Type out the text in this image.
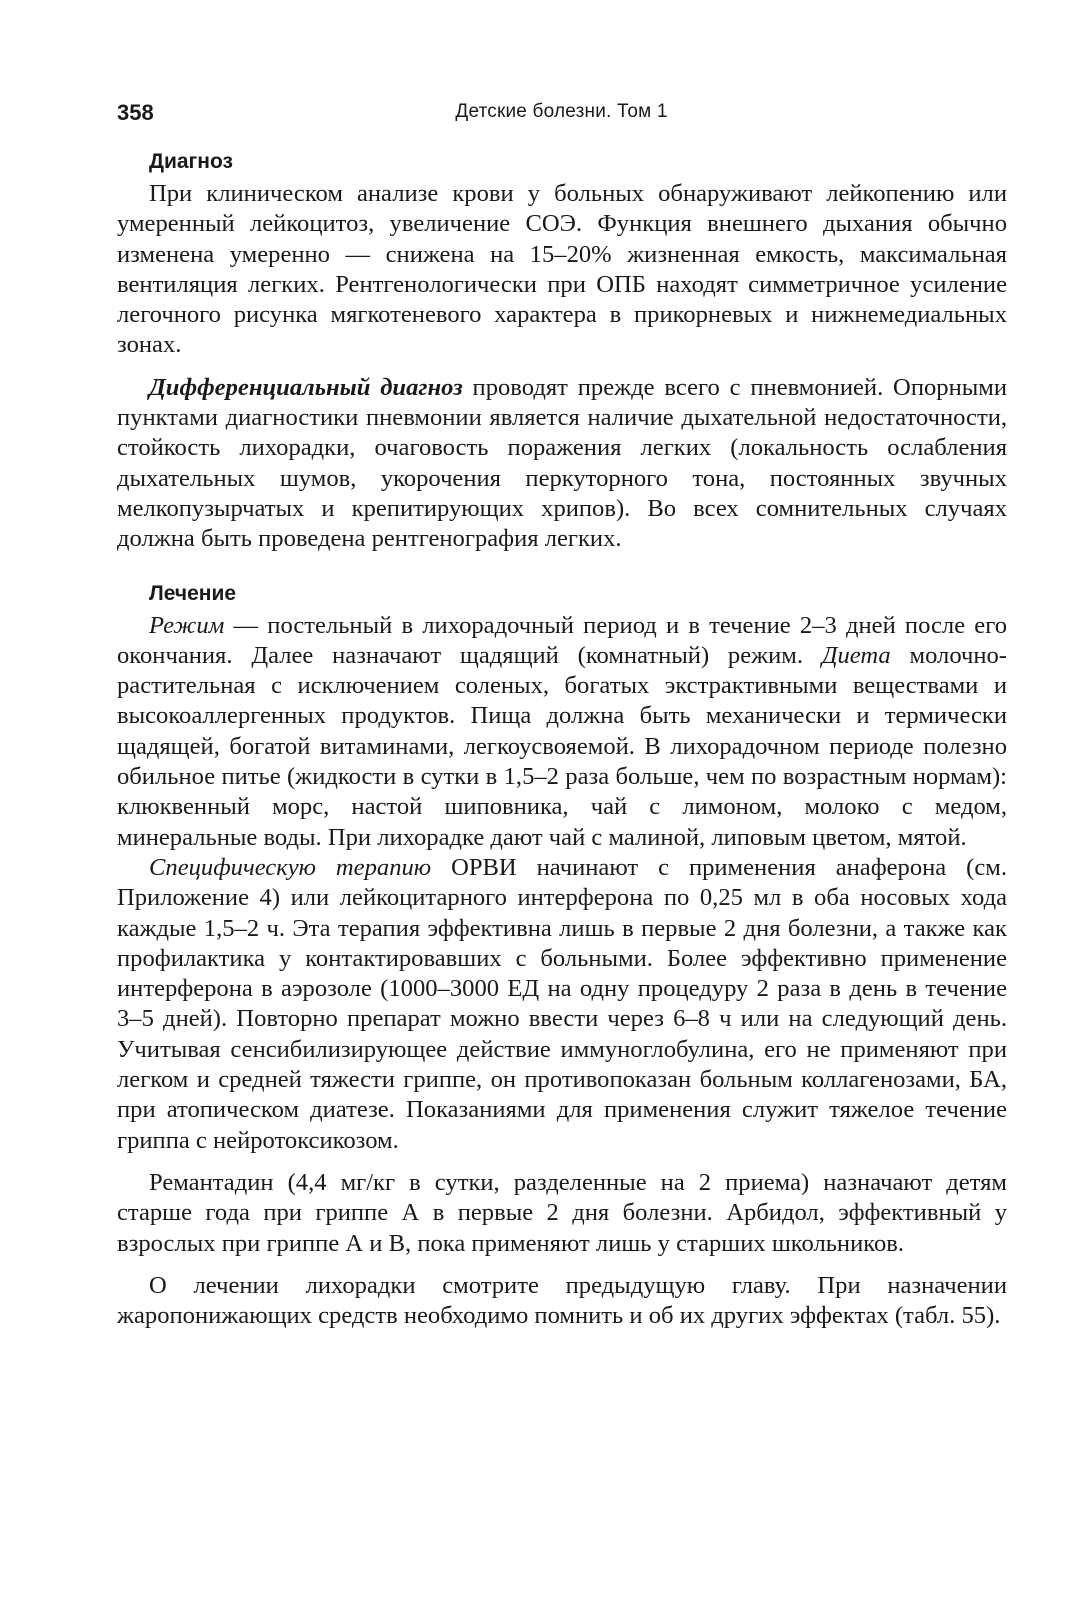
358	Детские болезни. Том 1
Диагноз

При клиническом анализе крови у больных обнаруживают лейкопению или умеренный лейкоцитоз, увеличение СОЭ. Функция внешнего дыхания обычно изменена умеренно — снижена на 15–20% жизненная емкость, максимальная вентиляция легких. Рентгенологически при ОПБ находят симметричное усиление легочного рисунка мягкотеневого характера в прикорневых и нижнемедиальных зонах.

Дифференциальный диагноз проводят прежде всего с пневмонией. Опорными пунктами диагностики пневмонии является наличие дыхательной недостаточности, стойкость лихорадки, очаговость поражения легких (локальность ослабления дыхательных шумов, укорочения перкуторного тона, постоянных звучных мелкопузырчатых и крепитирующих хрипов). Во всех сомнительных случаях должна быть проведена рентгенография легких.

Лечение

Режим — постельный в лихорадочный период и в течение 2–3 дней после его окончания. Далее назначают щадящий (комнатный) режим. Диета молочно-растительная с исключением соленых, богатых экстрактивными веществами и высокоаллергенных продуктов. Пища должна быть механически и термически щадящей, богатой витаминами, легкоусвояемой. В лихорадочном периоде полезно обильное питье (жидкости в сутки в 1,5–2 раза больше, чем по возрастным нормам): клюквенный морс, настой шиповника, чай с лимоном, молоко с медом, минеральные воды. При лихорадке дают чай с малиной, липовым цветом, мятой.

Специфическую терапию ОРВИ начинают с применения анаферона (см. Приложение 4) или лейкоцитарного интерферона по 0,25 мл в оба носовых хода каждые 1,5–2 ч. Эта терапия эффективна лишь в первые 2 дня болезни, а также как профилактика у контактировавших с больными. Более эффективно применение интерферона в аэрозоле (1000–3000 ЕД на одну процедуру 2 раза в день в течение 3–5 дней). Повторно препарат можно ввести через 6–8 ч или на следующий день. Учитывая сенсибилизирующее действие иммуноглобулина, его не применяют при легком и средней тяжести гриппе, он противопоказан больным коллагенозами, БА, при атопическом диатезе. Показаниями для применения служит тяжелое течение гриппа с нейротоксикозом.

Ремантадин (4,4 мг/кг в сутки, разделенные на 2 приема) назначают детям старше года при гриппе А в первые 2 дня болезни. Арбидол, эффективный у взрослых при гриппе А и В, пока применяют лишь у старших школьников.

О лечении лихорадки смотрите предыдущую главу. При назначении жаропонижающих средств необходимо помнить и об их других эффектах (табл. 55).
